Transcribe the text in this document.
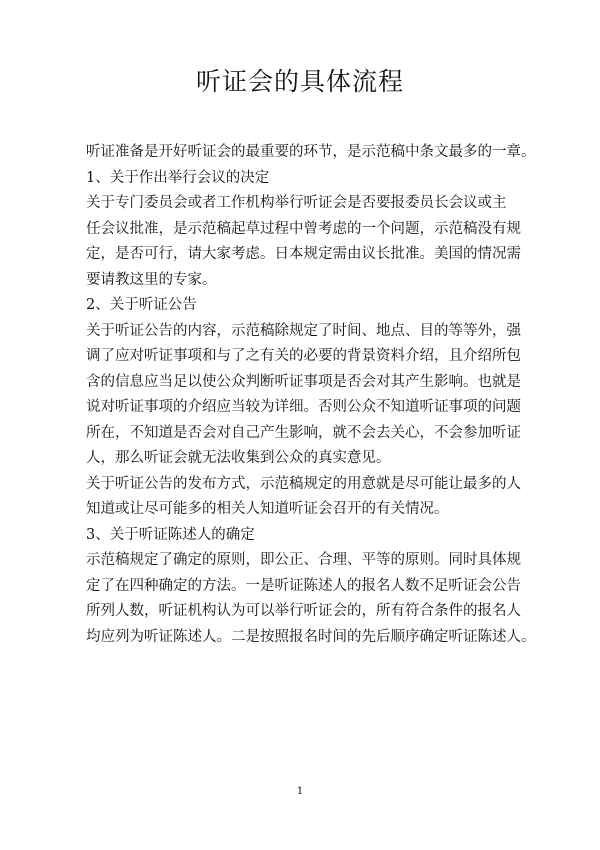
听证会的具体流程

听证准备是开好听证会的最重要的环节，是示范稿中条文最多的一章。

1、关于作出举行会议的决定

关于专门委员会或者工作机构举行听证会是否要报委员长会议或主

任会议批准，是示范稿起草过程中曾考虑的一个问题，示范稿没有规

定，是否可行，请大家考虑。日本规定需由议长批准。美国的情况需

要请教这里的专家。

2、关于听证公告

关于听证公告的内容，示范稿除规定了时间、地点、目的等等外，强

调了应对听证事项和与了之有关的必要的背景资料介绍，且介绍所包

含的信息应当足以使公众判断听证事项是否会对其产生影响。也就是

说对听证事项的介绍应当较为详细。否则公众不知道听证事项的问题

所在，不知道是否会对自己产生影响，就不会去关心，不会参加听证

人，那么听证会就无法收集到公众的真实意见。

关于听证公告的发布方式，示范稿规定的用意就是尽可能让最多的人

知道或让尽可能多的相关人知道听证会召开的有关情况。

3、关于听证陈述人的确定

示范稿规定了确定的原则，即公正、合理、平等的原则。同时具体规

定了在四种确定的方法。一是听证陈述人的报名人数不足听证会公告

所列人数，听证机构认为可以举行听证会的，所有符合条件的报名人

均应列为听证陈述人。二是按照报名时间的先后顺序确定听证陈述人。

1
